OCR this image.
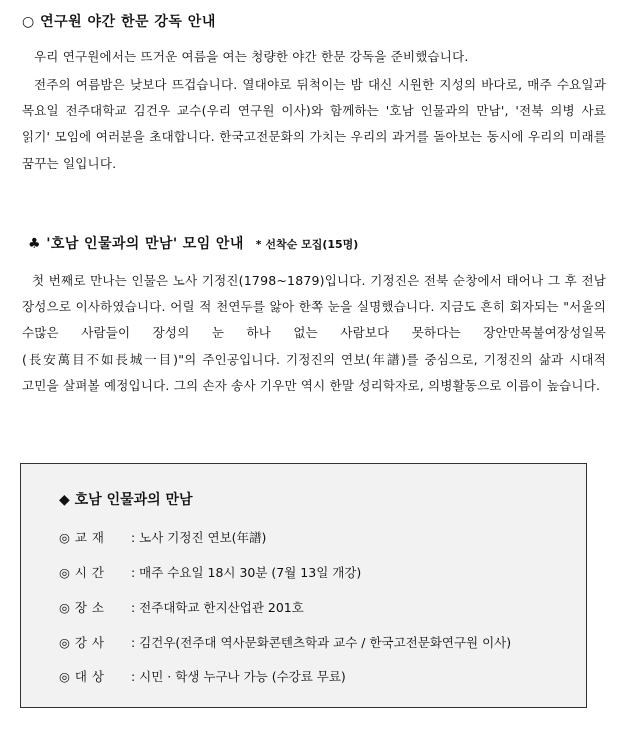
○ 연구원 야간 한문 강독 안내
우리 연구원에서는 뜨거운 여름을 여는 청량한 야간 한문 강독을 준비했습니다.
전주의 여름밤은 낮보다 뜨겁습니다. 열대야로 뒤척이는 밤 대신 시원한 지성의 바다로, 매주 수요일과 목요일 전주대학교 김건우 교수(우리 연구원 이사)와 함께하는 '호남 인물과의 만남', '전북 의병 사료 읽기' 모임에 여러분을 초대합니다. 한국고전문화의 가치는 우리의 과거를 돌아보는 동시에 우리의 미래를 꿈꾸는 일입니다.
♣ '호남 인물과의 만남' 모임 안내 * 선착순 모집(15명)
첫 번째로 만나는 인물은 노사 기정진(1798~1879)입니다. 기정진은 전북 순창에서 태어나 그 후 전남 장성으로 이사하였습니다. 어릴 적 천연두를 앓아 한쪽 눈을 실명했습니다. 지금도 흔히 회자되는 "서울의 수많은 사람들이 장성의 눈 하나 없는 사람보다 못하다는 장안만목불여장성일목(長安萬目不如長城一目)"의 주인공입니다. 기정진의 연보(年譜)를 중심으로, 기정진의 삶과 시대적 고민을 살펴볼 예정입니다. 그의 손자 송사 기우만 역시 한말 성리학자로, 의병활동으로 이름이 높습니다.
◆ 호남 인물과의 만남
◎ 교 재 : 노사 기정진 연보(年譜)
◎ 시 간 : 매주 수요일 18시 30분 (7월 13일 개강)
◎ 장 소 : 전주대학교 한지산업관 201호
◎ 강 사 : 김건우(전주대 역사문화콘텐츠학과 교수 / 한국고전문화연구원 이사)
◎ 대 상 : 시민 · 학생 누구나 가능 (수강료 무료)
